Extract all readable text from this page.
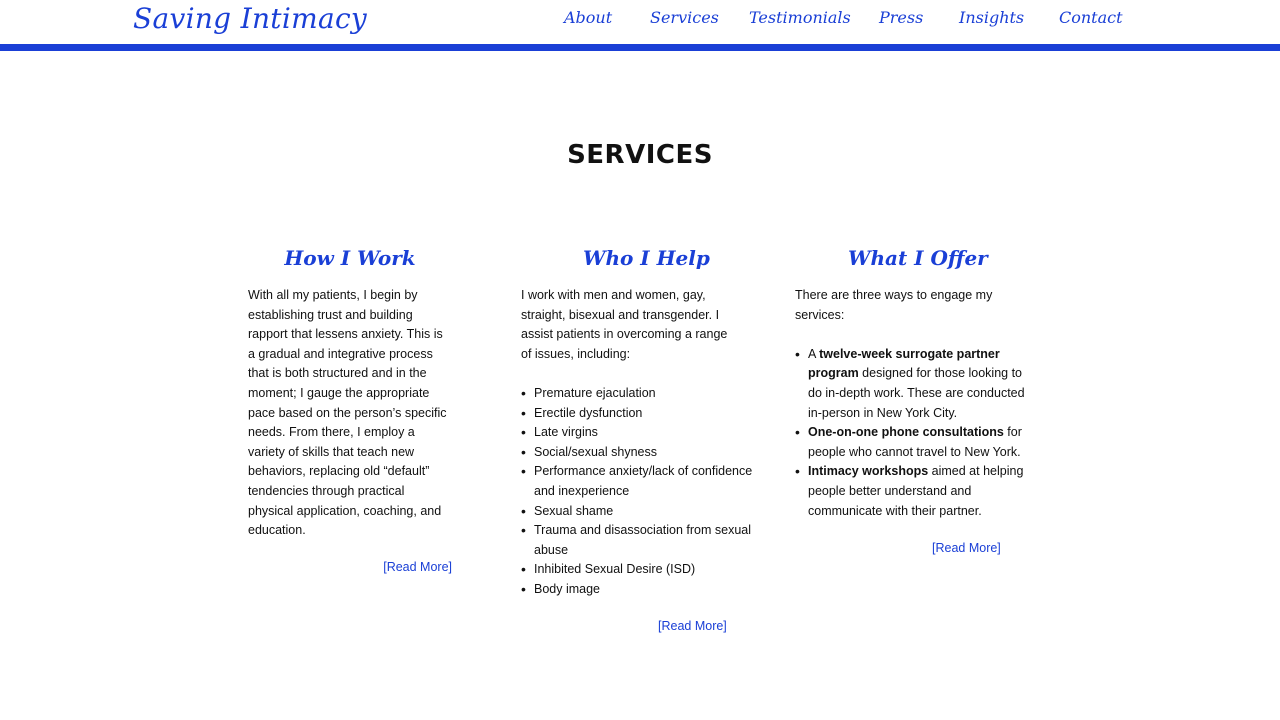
Saving Intimacy	About Services Testimonials Press Insights Contact
SERVICES
How I Work

With all my patients, I begin by establishing trust and building rapport that lessens anxiety. This is a gradual and integrative process that is both structured and in the moment; I gauge the appropriate pace based on the person’s specific needs. From there, I employ a variety of skills that teach new behaviors, replacing old “default” tendencies through practical physical application, coaching, and education.

[Read More]
Who I Help

I work with men and women, gay, straight, bisexual and transgender. I assist patients in overcoming a range of issues, including:

• Premature ejaculation
• Erectile dysfunction
• Late virgins
• Social/sexual shyness
• Performance anxiety/lack of confidence and inexperience
• Sexual shame
• Trauma and disassociation from sexual abuse
• Inhibited Sexual Desire (ISD)
• Body image
[Read More]
What I Offer

There are three ways to engage my services:

• A twelve-week surrogate partner program designed for those looking to do in-depth work. These are conducted in-person in New York City.
• One-on-one phone consultations for people who cannot travel to New York.
• Intimacy workshops aimed at helping people better understand and communicate with their partner.
[Read More]
